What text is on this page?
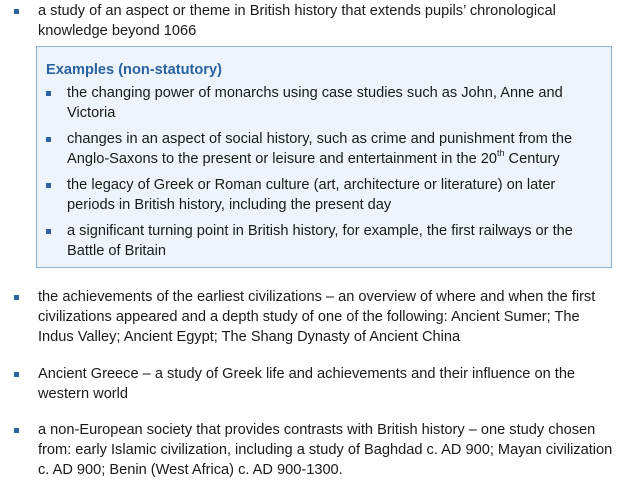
a study of an aspect or theme in British history that extends pupils’ chronological knowledge beyond 1066
Examples (non-statutory)
the changing power of monarchs using case studies such as John, Anne and Victoria
changes in an aspect of social history, such as crime and punishment from the Anglo-Saxons to the present or leisure and entertainment in the 20th Century
the legacy of Greek or Roman culture (art, architecture or literature) on later periods in British history, including the present day
a significant turning point in British history, for example, the first railways or the Battle of Britain
the achievements of the earliest civilizations – an overview of where and when the first civilizations appeared and a depth study of one of the following: Ancient Sumer; The Indus Valley; Ancient Egypt; The Shang Dynasty of Ancient China
Ancient Greece – a study of Greek life and achievements and their influence on the western world
a non-European society that provides contrasts with British history – one study chosen from: early Islamic civilization, including a study of Baghdad c. AD 900; Mayan civilization c. AD 900; Benin (West Africa) c. AD 900-1300.
